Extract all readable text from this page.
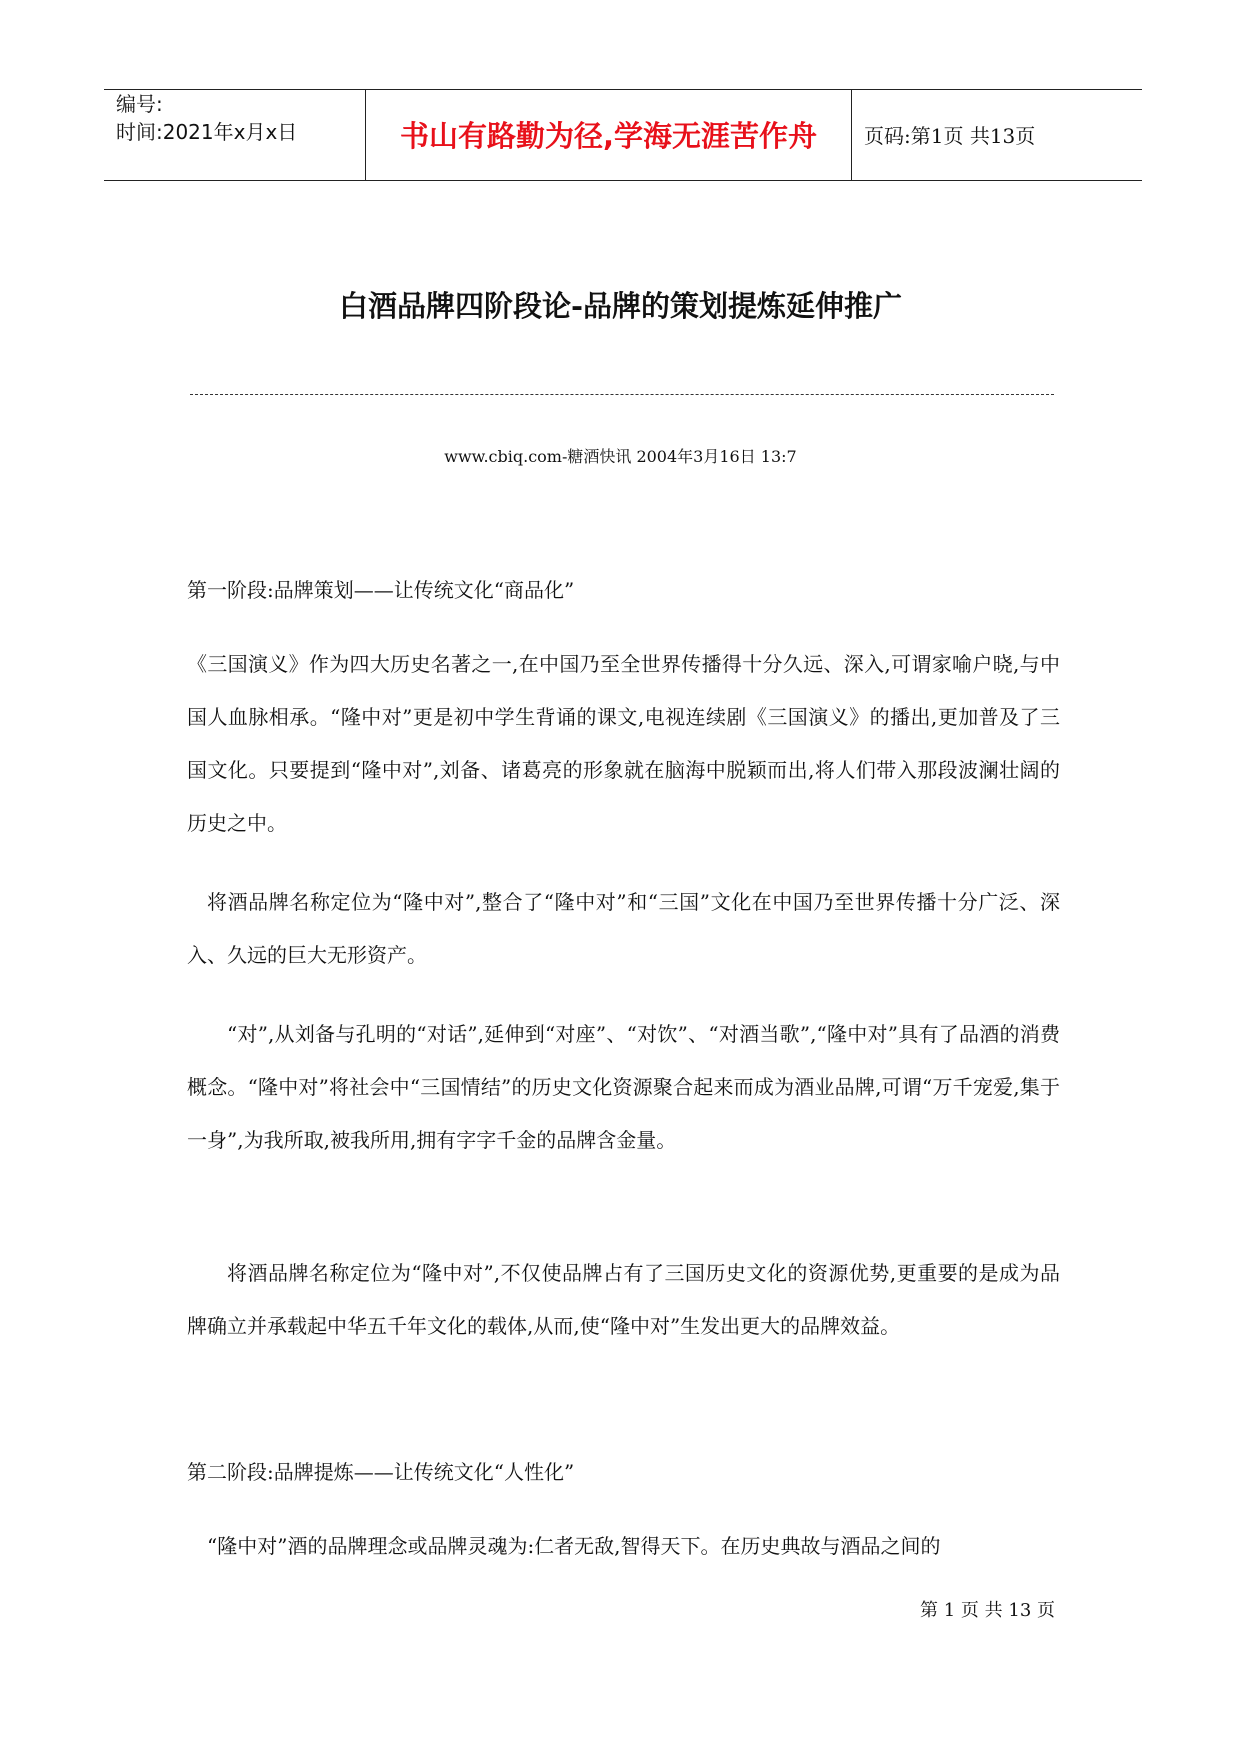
编号:
时间:2021年x月x日	书山有路勤为径,学海无涯苦作舟	页码:第1页 共13页
白酒品牌四阶段论-品牌的策划提炼延伸推广
www.cbiq.com-糖酒快讯 2004年3月16日 13:7

第一阶段:品牌策划——让传统文化“商品化”

《三国演义》作为四大历史名著之一,在中国乃至全世界传播得十分久远、深入,可谓家喻户晓,与中国人血脉相承。“隆中对”更是初中学生背诵的课文,电视连续剧《三国演义》的播出,更加普及了三国文化。只要提到“隆中对”,刘备、诸葛亮的形象就在脑海中脱颖而出,将人们带入那段波澜壮阔的历史之中。

将酒品牌名称定位为“隆中对”,整合了“隆中对”和“三国”文化在中国乃至世界传播十分广泛、深入、久远的巨大无形资产。

“对”,从刘备与孔明的“对话”,延伸到“对座”、“对饮”、“对酒当歌”,“隆中对”具有了品酒的消费概念。“隆中对”将社会中“三国情结”的历史文化资源聚合起来而成为酒业品牌,可谓“万千宠爱,集于一身”,为我所取,被我所用,拥有字字千金的品牌含金量。

将酒品牌名称定位为“隆中对”,不仅使品牌占有了三国历史文化的资源优势,更重要的是成为品牌确立并承载起中华五千年文化的载体,从而,使“隆中对”生发出更大的品牌效益。

第二阶段:品牌提炼——让传统文化“人性化”

“隆中对”酒的品牌理念或品牌灵魂为:仁者无敌,智得天下。在历史典故与酒品之间的

第 1 页 共 13 页
